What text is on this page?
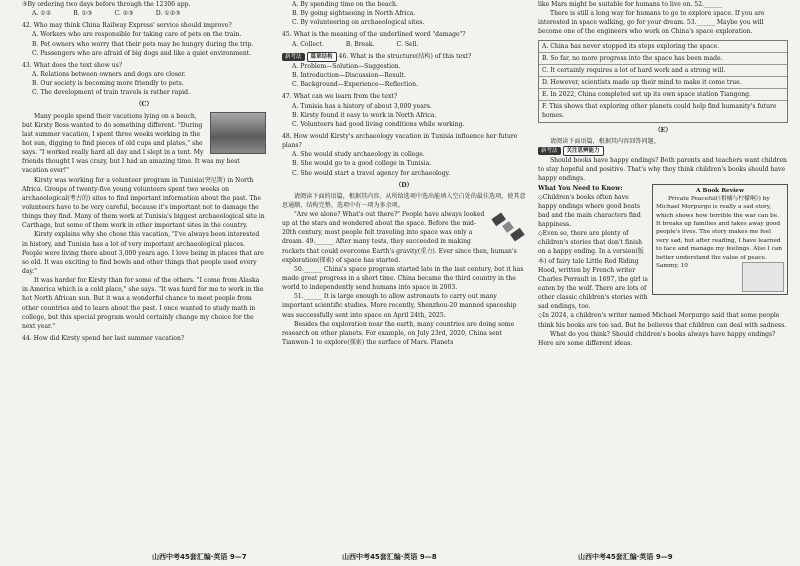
③By ordering two days before through the 12306 app.

A. ①②	B. ①③	C. ②③	D. ①②③

42. Who may think China Railway Express' service should improve?

A. Workers who are responsible for taking care of pets on the train.

B. Pet owners who worry that their pets may be hungry during the trip.

C. Passengers who are afraid of big dogs and like a quiet environment.

43. What does the text show us?

A. Relations between owners and dogs are closer.

B. Our society is becoming more friendly to pets.

C. The development of train travels is rather rapid.

（C）

Many people spend their vacations lying on a beach, but Kirsty Boss wanted to do something different. "During last summer vacation, I spent three weeks working in the hot sun, digging to find pieces of old cups and plates," she says. "I worked really hard all day and I slept in a tent. My friends thought I was crazy, but I had an amazing time. It was my best vacation ever!"

Kirsty was working for a volunteer program in Tunisia(突尼斯) in North Africa. Groups of twenty-five young volunteers spent two weeks on archaeological(考古的) sites to find important information about the past. The volunteers have to be very careful, because it's important not to damage the things they find. Many of them work at Tunisia's biggest archaeological site in Carthage, but some of them work in other important sites in the country.

Kirsty explains why she chose this vacation, "I've always been interested in history, and Tunisia has a lot of very important archaeological places. People were living there about 3,000 years ago. I love being in places that are so old. It was exciting to find bowls and other things that people used every day."

It was harder for Kirsty than for some of the others. "I come from Alaska in America which is a cold place," she says. "It was hard for me to work in the hot North African sun. But it was a wonderful chance to meet people from other countries and to learn about the past. I once wanted to study math in college, but this special program would certainly change my choice for the next year."

44. How did Kirsty spend her last summer vacation?

山西中考45套汇编·英语 9—7

A. By spending time on the beach.

B. By going sightseeing in North Africa.

C. By volunteering on archaeological sites.

45. What is the meaning of the underlined word "damage"?

A. Collect.	B. Break.	C. Sell.

新考法 篇章结构 46. What is the structure(结构) of this text?

A. Problem—Solution—Suggestion.

B. Introduction—Discussion—Result.

C. Background—Experience—Reflection.

47. What can we learn from the text?

A. Tunisia has a history of about 3,000 years.

B. Kirsty found it easy to work in North Africa.

C. Volunteers had good living conditions while working.

48. How would Kirsty's archaeology vacation in Tunisia influence her future plans?

A. She would study archaeology in college.

B. She would go to a good college in Tunisia.

C. She would start a travel agency for archaeology.

（D）

请阅读下面的语篇，根据其内容，从所给选项中选出能填入空白处的最佳选项，使其意思通顺、结构完整。选项中有一项为多余项。

"Are we alone? What's out there?" People have always looked up at the stars and wondered about the space. Before the mid-20th century, most people felt traveling into space was only a dream. 49.______ After many tests, they succeeded in making rockets that could overcome Earth's gravity(重力). Ever since then, human's exploration(探索) of space has started.

50.______ China's space program started late in the last century, but it has made great progress in a short time. China became the third country in the world to independently send humans into space in 2003.

51.______ It is large enough to allow astronauts to carry out many important scientific studies. More recently, Shenzhou-20 manned spaceship was successfully sent into space on April 24th, 2025.

Besides the exploration near the earth, many countries are doing some research on other planets. For example, on July 23rd, 2020, China sent Tianwen-1 to explore(探索) the surface of Mars. Planets

山西中考45套汇编·英语 9—8

like Mars might be suitable for humans to live on. 52.______

There is still a long way for humans to go to explore space. If you are interested in space walking, go for your dream. 53.______ Maybe you will become one of the engineers who work on China's space exploration.

A. China has never stopped its steps exploring the space.
B. So far, no more progress into the space has been made.
C. It certainly requires a lot of hard work and a strong will.
D. However, scientists made up their mind to make it come true.
E. In 2022, China completed set up its own space station Tiangong.
F. This shows that exploring other planets could help find humanity's future homes.

（E）

请阅读下面语篇，根据其内容回答问题。

新考法 关注思辨能力

Should books have happy endings? Both parents and teachers want children to stay hopeful and positive. That's why they think children's books should have happy endings.

A Book Review

Private Peaceful(《柑橘与柠檬啊》) by Michael Morpurgo is really a sad story, which shows how terrible the war can be. It breaks up families and takes away good people's lives. The story makes me feel very sad, but after reading, I have learned to face and manage my feelings. Also I can better understand the value of peace.

Sammy, 10

What You Need to Know:

◇Children's books often have happy endings where good beats bad and the main characters find happiness.

◇Even so, there are plenty of children's stories that don't finish on a happy ending. In a version(版本) of fairy tale Little Red Riding Hood, written by French writer Charles Perrault in 1697, the girl is eaten by the wolf. There are lots of other classic children's stories with sad endings, too.

◇In 2024, a children's writer named Michael Morpurgo said that some people think his books are too sad. But he believes that children can deal with sadness.

What do you think? Should children's books always have happy endings? Here are some different ideas.

山西中考45套汇编·英语 9—9
